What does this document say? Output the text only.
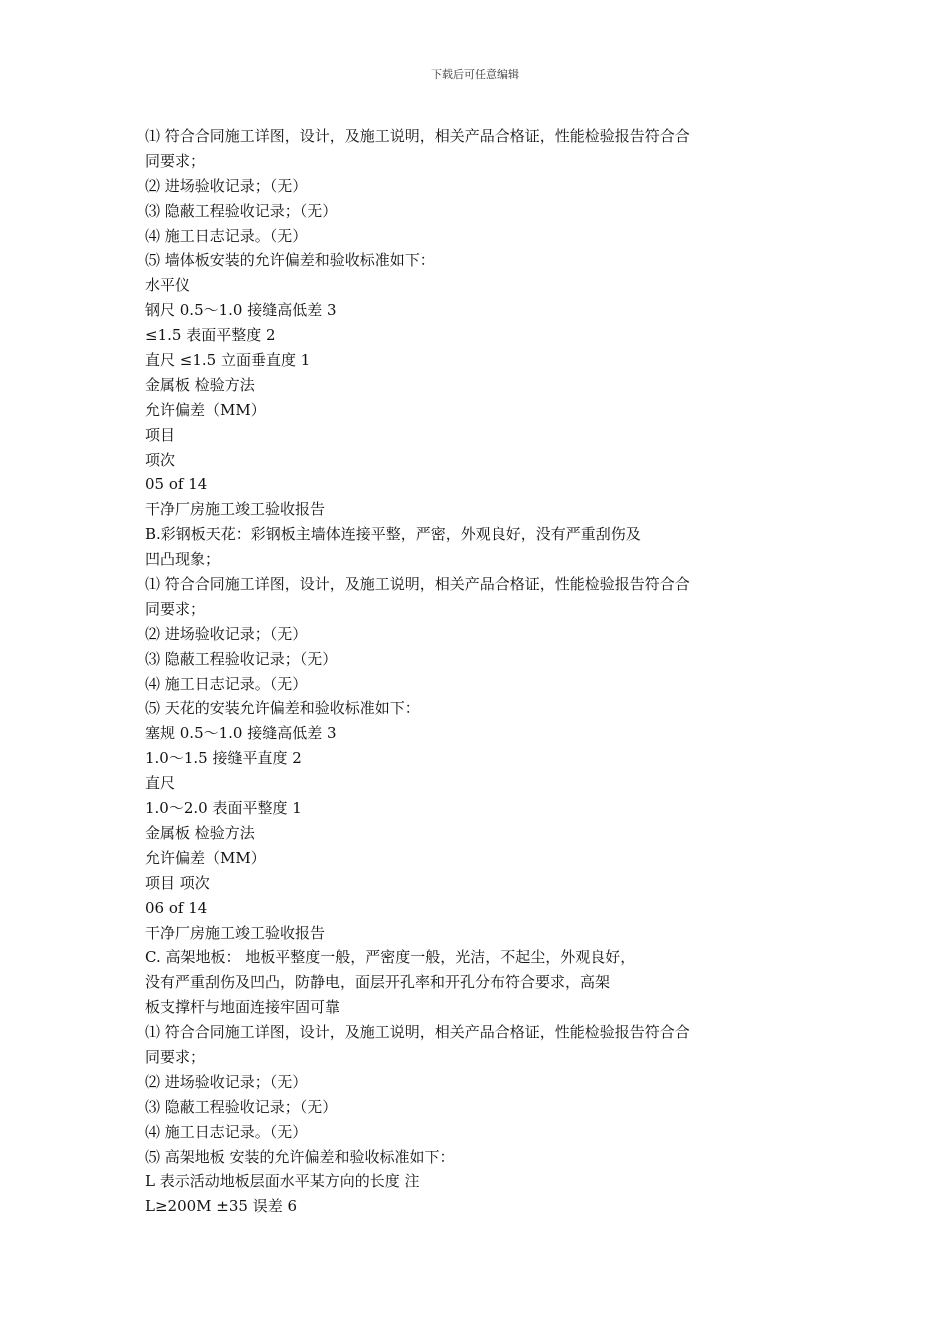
下载后可任意编辑
⑴ 符合合同施工详图，设计，及施工说明，相关产品合格证，性能检验报告符合合
同要求；
⑵ 进场验收记录；（无）
⑶ 隐蔽工程验收记录；（无）
⑷ 施工日志记录。（无）
⑸ 墙体板安装的允许偏差和验收标准如下：
水平仪
钢尺 0.5～1.0 接缝高低差 3
≤1.5 表面平整度 2
直尺 ≤1.5 立面垂直度 1
金属板 检验方法
允许偏差（MM）
项目
项次
05 of 14
干净厂房施工竣工验收报告
B.彩钢板天花：彩钢板主墙体连接平整，严密，外观良好，没有严重刮伤及
凹凸现象；
⑴ 符合合同施工详图，设计，及施工说明，相关产品合格证，性能检验报告符合合
同要求；
⑵ 进场验收记录；（无）
⑶ 隐蔽工程验收记录；（无）
⑷ 施工日志记录。（无）
⑸ 天花的安装允许偏差和验收标准如下：
塞规 0.5～1.0 接缝高低差 3
1.0～1.5 接缝平直度 2
直尺
1.0～2.0 表面平整度 1
金属板 检验方法
允许偏差（MM）
项目 项次
06 of 14
干净厂房施工竣工验收报告
C. 高架地板： 地板平整度一般，严密度一般，光洁，不起尘，外观良好，
没有严重刮伤及凹凸，防静电，面层开孔率和开孔分布符合要求，高架
板支撑杆与地面连接牢固可靠
⑴ 符合合同施工详图，设计，及施工说明，相关产品合格证，性能检验报告符合合
同要求；
⑵ 进场验收记录；（无）
⑶ 隐蔽工程验收记录；（无）
⑷ 施工日志记录。（无）
⑸ 高架地板 安装的允许偏差和验收标准如下：
L 表示活动地板层面水平某方向的长度 注
L≥200M ±35 误差 6
